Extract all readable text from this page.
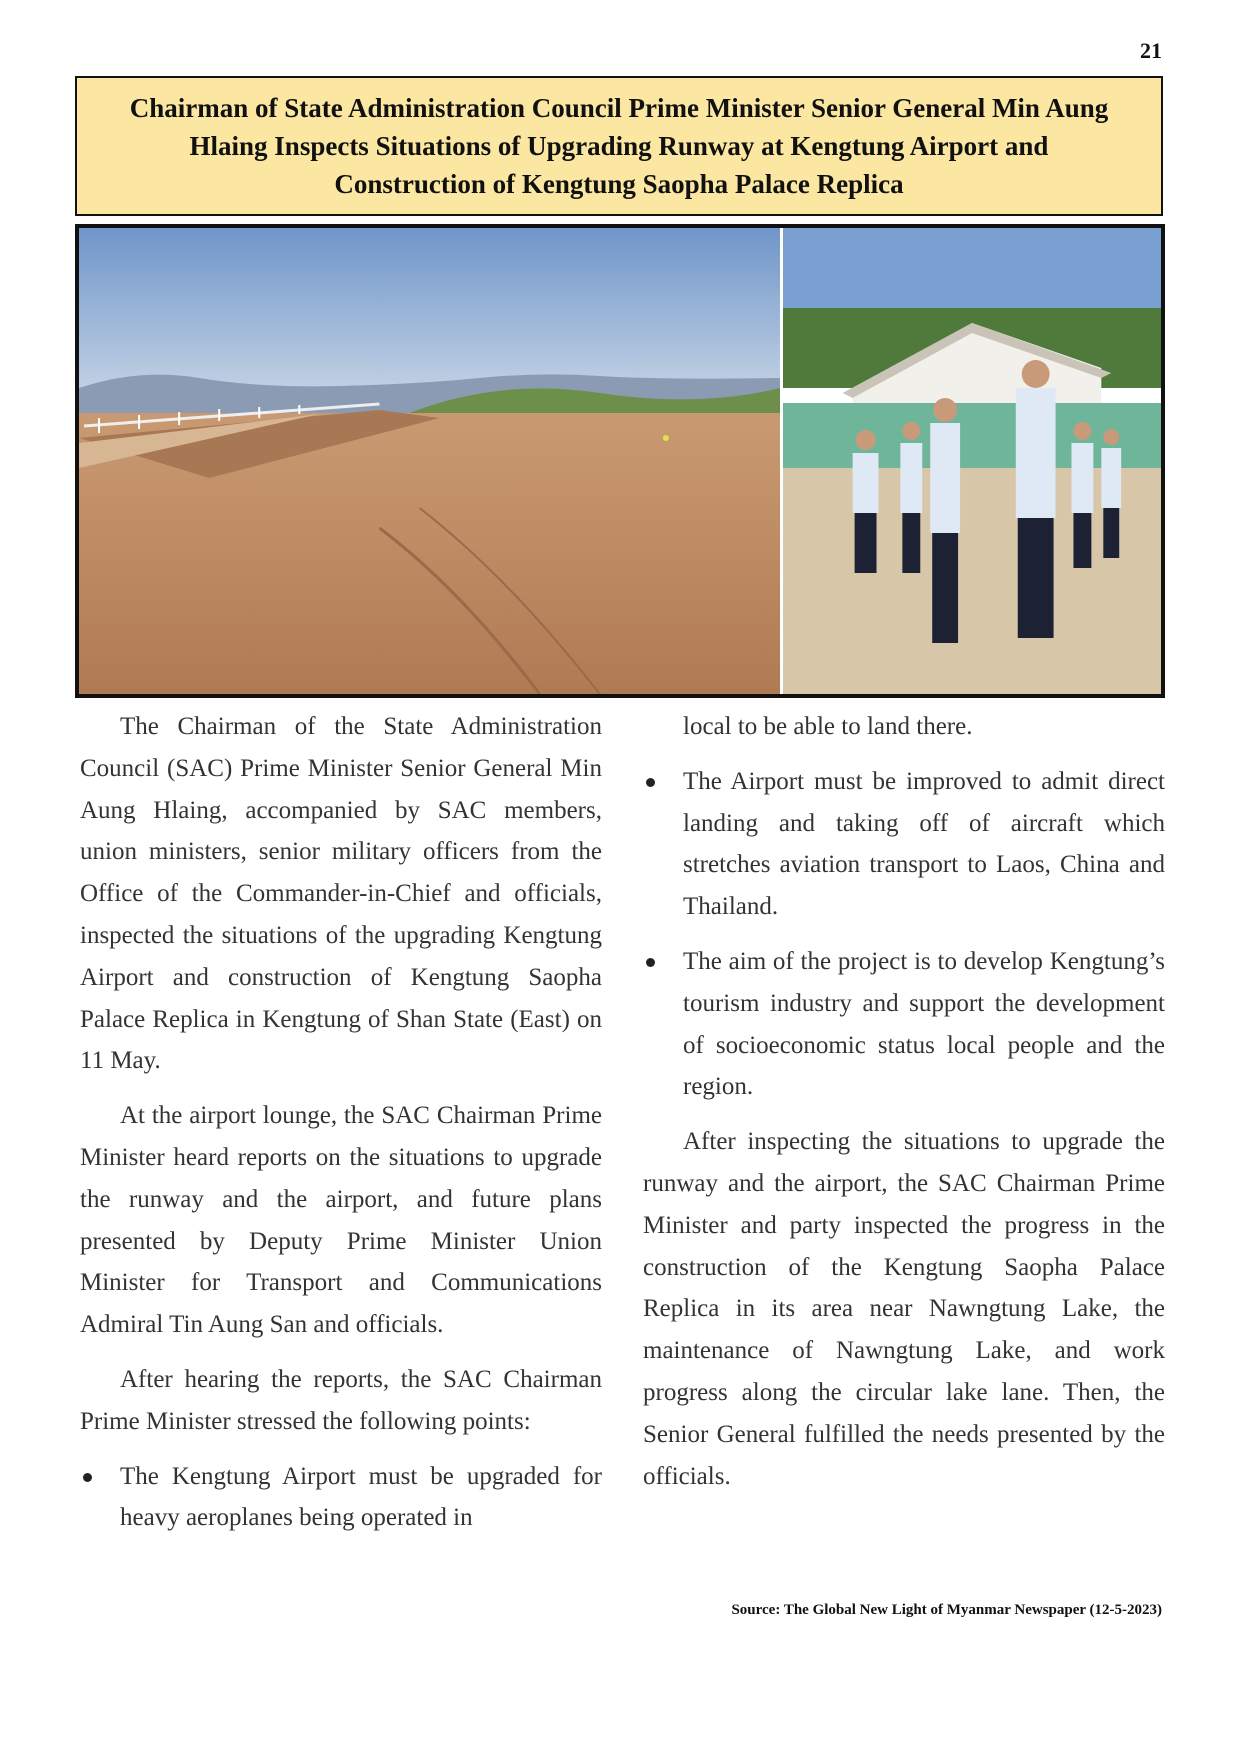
21
Chairman of State Administration Council Prime Minister Senior General Min Aung Hlaing Inspects Situations of Upgrading Runway at Kengtung Airport and Construction of Kengtung Saopha Palace Replica

The Chairman of the State Administration Council (SAC) Prime Minister Senior General Min Aung Hlaing, accompanied by SAC members, union ministers, senior military officers from the Office of the Commander-in-Chief and officials, inspected the situations of the upgrading Kengtung Airport and construction of Kengtung Saopha Palace Replica in Kengtung of Shan State (East) on 11 May.

At the airport lounge, the SAC Chairman Prime Minister heard reports on the situations to upgrade the runway and the airport, and future plans presented by Deputy Prime Minister Union Minister for Transport and Communications Admiral Tin Aung San and officials.

After hearing the reports, the SAC Chairman Prime Minister stressed the following points:

The Kengtung Airport must be upgraded for heavy aeroplanes being operated in

local to be able to land there.

The Airport must be improved to admit direct landing and taking off of aircraft which stretches aviation transport to Laos, China and Thailand.
The aim of the project is to develop Kengtung’s tourism industry and support the development of socioeconomic status local people and the region.

After inspecting the situations to upgrade the runway and the airport, the SAC Chairman Prime Minister and party inspected the progress in the construction of the Kengtung Saopha Palace Replica in its area near Nawngtung Lake, the maintenance of Nawngtung Lake, and work progress along the circular lake lane. Then, the Senior General fulfilled the needs presented by the officials.

Source: The Global New Light of Myanmar Newspaper (12-5-2023)
